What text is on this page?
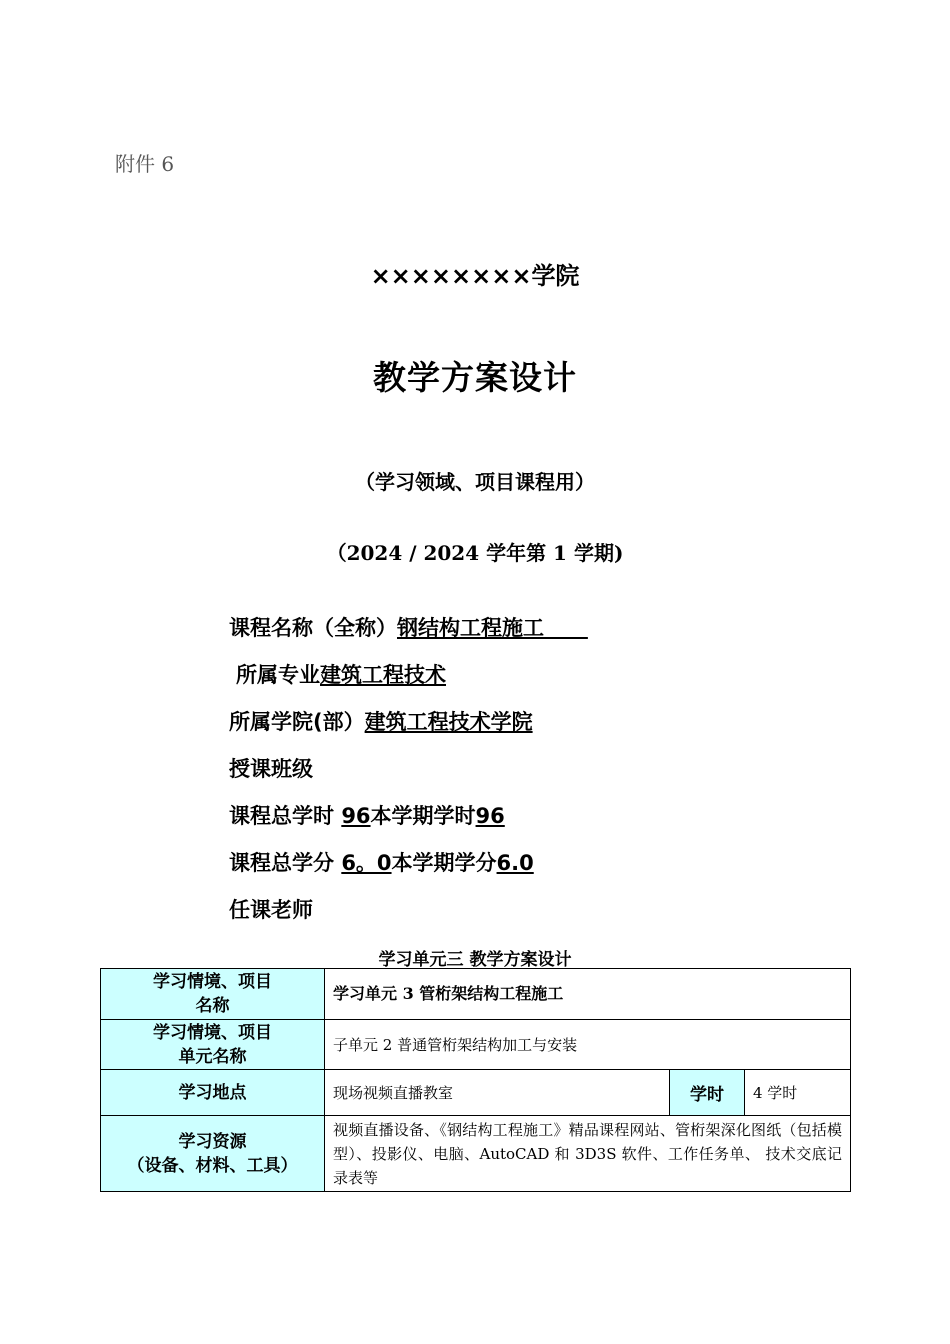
附件 6
××××××××学院
教学方案设计
（学习领域、项目课程用）
（2024 / 2024 学年第 1 学期)
课程名称（全称）钢结构工程施工
所属专业建筑工程技术
所属学院(部）建筑工程技术学院
授课班级
课程总学时 96本学期学时96
课程总学分 6。0本学期学分6.0
任课老师
学习单元三 教学方案设计
学习情境、项目
名称	学习单元 3 管桁架结构工程施工		

学习情境、项目
单元名称	子单元 2 普通管桁架结构加工与安装		
学习地点	现场视频直播教室	学时	4 学时

学习资源
（设备、材料、工具）	视频直播设备、《钢结构工程施工》精品课程网站、管桁架深化图纸（包括模型）、投影仪、电脑、AutoCAD 和 3D3S 软件、工作任务单、 技术交底记录表等		
